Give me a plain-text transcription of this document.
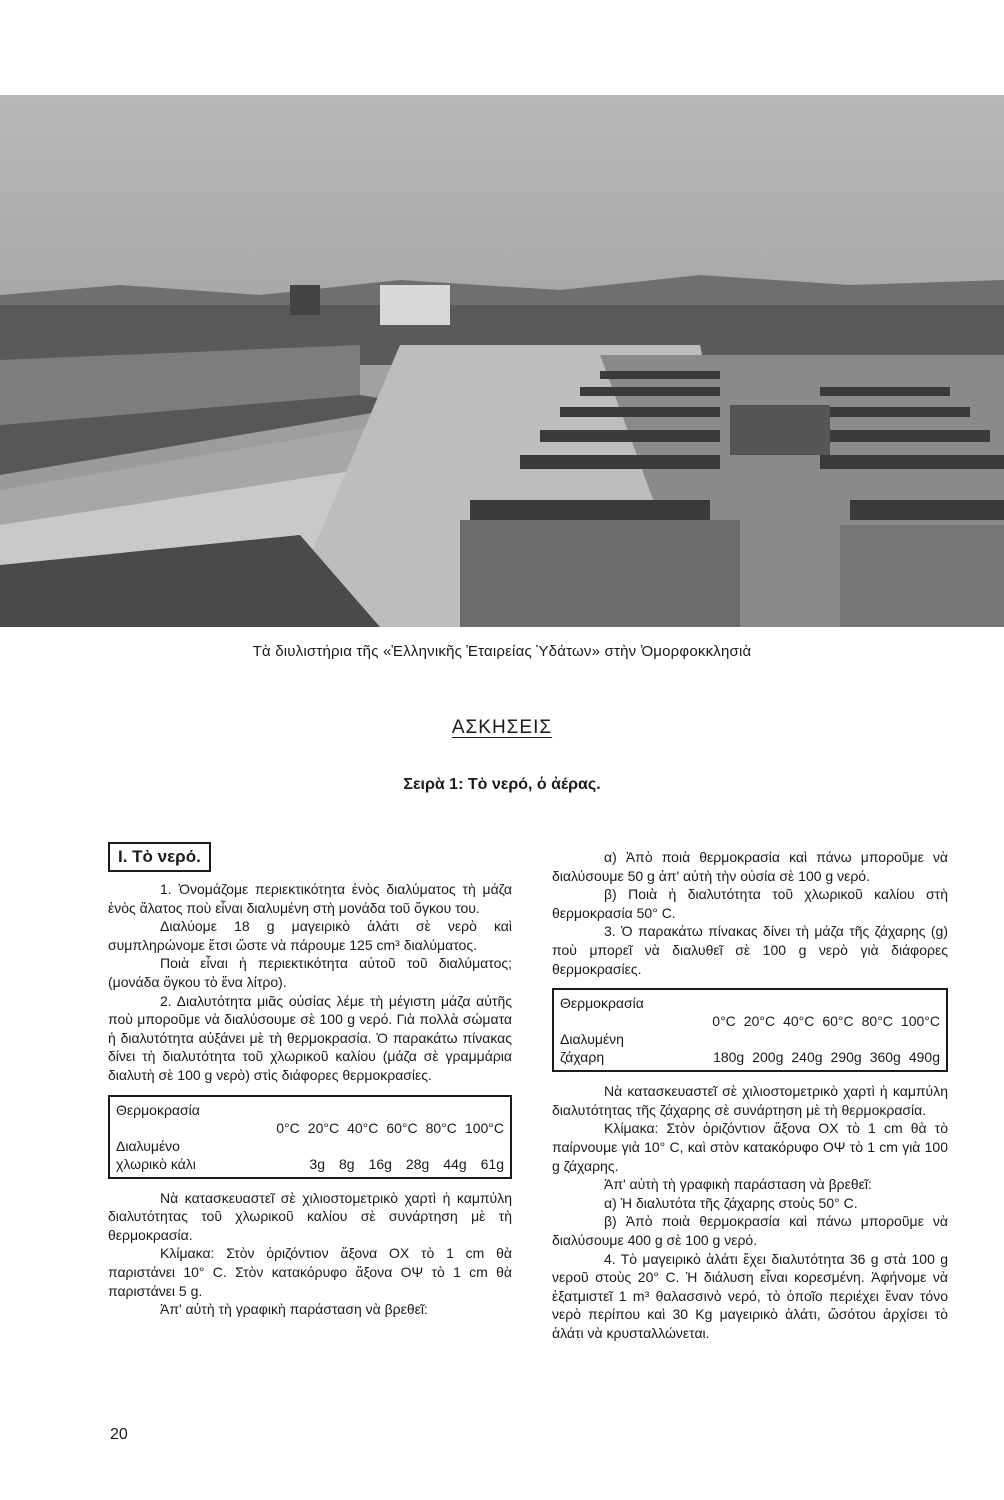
Τὰ διυλιστήρια τῆς «Ἑλληνικῆς Ἑταιρείας Ὑδάτων» στὴν Ὀμορφοκκλησιὰ
ΑΣΚΗΣΕΙΣ
Σειρὰ 1: Τὸ νερό, ὁ ἀέρας.
Ι. Τὸ νερό.

1. Ὀνομάζομε περιεκτικότητα ἑνὸς διαλύματος τὴ μάζα ἑνὸς ἅλατος ποὺ εἶναι διαλυμένη στὴ μονάδα τοῦ ὄγκου του.

Διαλύομε 18 g μαγειρικὸ ἁλάτι σὲ νερὸ καὶ συμπληρώνομε ἔτσι ὥστε νὰ πάρουμε 125 cm³ διαλύματος.

Ποιὰ εἶναι ἡ περιεκτικότητα αὐτοῦ τοῦ διαλύματος; (μονάδα ὄγκου τὸ ἕνα λίτρο).

2. Διαλυτότητα μιᾶς οὐσίας λέμε τὴ μέγιστη μάζα αὐτῆς ποὺ μποροῦμε νὰ διαλύσουμε σὲ 100 g νερό. Γιὰ πολλὰ σώματα ἡ διαλυτότητα αὐξάνει μὲ τὴ θερμοκρασία. Ὁ παρακάτω πίνακας δίνει τὴ διαλυτότητα τοῦ χλωρικοῦ καλίου (μάζα σὲ γραμμάρια διαλυτὴ σὲ 100 g νερὸ) στὶς διάφορες θερμοκρασίες.

Θερμοκρασία
0°C 20°C 40°C 60°C 80°C 100°C
Διαλυμένο
χλωρικὸ κάλι	3g 8g 16g 28g 44g 61g

Νὰ κατασκευαστεῖ σὲ χιλιοστομετρικὸ χαρτὶ ἡ καμπύλη διαλυτότητας τοῦ χλωρικοῦ καλίου σὲ συνάρτηση μὲ τὴ θερμοκρασία.

Κλίμακα: Στὸν ὁριζόντιον ἄξονα ΟΧ τὸ 1 cm θὰ παριστάνει 10° C. Στὸν κατακόρυφο ἄξονα ΟΨ τὸ 1 cm θὰ παριστάνει 5 g.

Ἀπ' αὐτὴ τὴ γραφικὴ παράσταση νὰ βρεθεῖ:

α) Ἀπὸ ποιὰ θερμοκρασία καὶ πάνω μποροῦμε νὰ διαλύσουμε 50 g ἀπ' αὐτὴ τὴν οὐσία σὲ 100 g νερό.

β) Ποιὰ ἡ διαλυτότητα τοῦ χλωρικοῦ καλίου στὴ θερμοκρασία 50° C.

3. Ὁ παρακάτω πίνακας δίνει τὴ μάζα τῆς ζάχαρης (g) ποὺ μπορεῖ νὰ διαλυθεῖ σὲ 100 g νερὸ γιὰ διάφορες θερμοκρασίες.

Θερμοκρασία
0°C 20°C 40°C 60°C 80°C 100°C
Διαλυμένη
ζάχαρη	180g 200g 240g 290g 360g 490g

Νὰ κατασκευαστεῖ σὲ χιλιοστομετρικὸ χαρτὶ ἡ καμπύλη διαλυτότητας τῆς ζάχαρης σὲ συνάρτηση μὲ τὴ θερμοκρασία.

Κλίμακα: Στὸν ὁριζόντιον ἄξονα ΟΧ τὸ 1 cm θὰ τὸ παίρνουμε γιὰ 10° C, καὶ στὸν κατακόρυφο ΟΨ τὸ 1 cm γιὰ 100 g ζάχαρης.

Ἀπ' αὐτὴ τὴ γραφικὴ παράσταση νὰ βρεθεῖ:

α) Ἡ διαλυτότα τῆς ζάχαρης στοὺς 50° C.

β) Ἀπὸ ποιὰ θερμοκρασία καὶ πάνω μποροῦμε νὰ διαλύσουμε 400 g σὲ 100 g νερό.

4. Τὸ μαγειρικὸ ἁλάτι ἔχει διαλυτότητα 36 g στὰ 100 g νεροῦ στοὺς 20° C. Ἡ διάλυση εἶναι κορεσμένη. Ἀφήνομε νὰ ἐξατμιστεῖ 1 m³ θαλασσινὸ νερό, τὸ ὁποῖο περιέχει ἕναν τόνο νερὸ περίπου καὶ 30 Kg μαγειρικὸ ἁλάτι, ὥσότου ἀρχίσει τὸ ἁλάτι νὰ κρυσταλλώνεται.

20
